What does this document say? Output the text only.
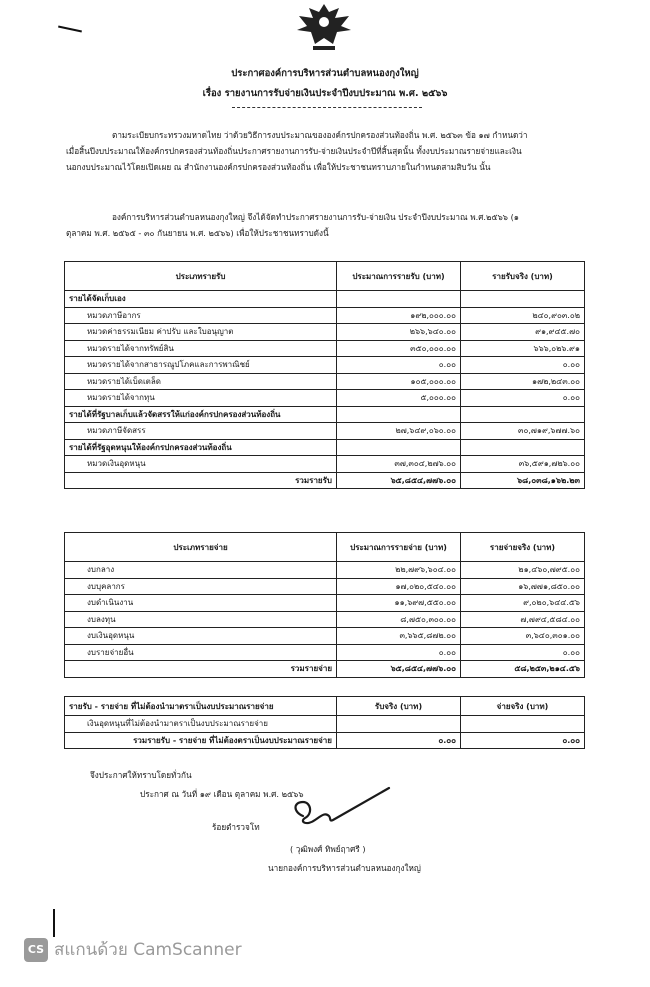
ประกาศองค์การบริหารส่วนตำบลหนองกุงใหญ่
เรื่อง รายงานการรับจ่ายเงินประจำปีงบประมาณ พ.ศ. ๒๕๖๖
ตามระเบียบกระทรวงมหาดไทย ว่าด้วยวิธีการงบประมาณขององค์กรปกครองส่วนท้องถิ่น พ.ศ. ๒๕๖๓ ข้อ ๑๗ กำหนดว่า
เมื่อสิ้นปีงบประมาณให้องค์กรปกครองส่วนท้องถิ่นประกาศรายงานการรับ-จ่ายเงินประจำปีที่สิ้นสุดนั้น ทั้งงบประมาณรายจ่ายและเงิน
นอกงบประมาณไว้โดยเปิดเผย ณ สำนักงานองค์กรปกครองส่วนท้องถิ่น เพื่อให้ประชาชนทราบภายในกำหนดสามสิบวัน นั้น
องค์การบริหารส่วนตำบลหนองกุงใหญ่ จึงได้จัดทำประกาศรายงานการรับ-จ่ายเงิน ประจำปีงบประมาณ พ.ศ.๒๕๖๖ (๑
ตุลาคม พ.ศ. ๒๕๖๕ - ๓๐ กันยายน พ.ศ. ๒๕๖๖) เพื่อให้ประชาชนทราบดังนี้
ประเภทรายรับ	ประมาณการรายรับ (บาท)	รายรับจริง (บาท)
รายได้จัดเก็บเอง		
หมวดภาษีอากร	๑๙๒,๐๐๐.๐๐	๒๔๐,๙๐๓.๐๒
หมวดค่าธรรมเนียม ค่าปรับ และใบอนุญาต	๒๖๖,๖๔๐.๐๐	๙๑,๙๔๕.๗๐
หมวดรายได้จากทรัพย์สิน	๓๕๐,๐๐๐.๐๐	๖๖๖,๐๒๖.๙๑
หมวดรายได้จากสาธารณูปโภคและการพาณิชย์	๐.๐๐	๐.๐๐
หมวดรายได้เบ็ดเตล็ด	๑๐๕,๐๐๐.๐๐	๑๗๒,๒๔๓.๐๐
หมวดรายได้จากทุน	๕,๐๐๐.๐๐	๐.๐๐
รายได้ที่รัฐบาลเก็บแล้วจัดสรรให้แก่องค์กรปกครองส่วนท้องถิ่น		
หมวดภาษีจัดสรร	๒๗,๖๔๙,๐๖๐.๐๐	๓๐,๗๑๙,๖๗๗.๖๐
รายได้ที่รัฐอุดหนุนให้องค์กรปกครองส่วนท้องถิ่น		
หมวดเงินอุดหนุน	๓๗,๓๐๔,๒๗๖.๐๐	๓๖,๕๙๑,๗๒๖.๐๐
รวมรายรับ	๖๕,๘๕๔,๗๗๖.๐๐	๖๘,๐๓๘,๑๖๒.๒๓
ประเภทรายจ่าย	ประมาณการรายจ่าย (บาท)	รายจ่ายจริง (บาท)
งบกลาง	๒๒,๗๙๖,๖๐๔.๐๐	๒๑,๔๖๐,๗๙๕.๐๐
งบบุคลากร	๑๗,๐๒๐,๕๔๐.๐๐	๑๖,๗๗๑,๘๕๐.๐๐
งบดำเนินงาน	๑๑,๖๙๗,๕๕๐.๐๐	๙,๐๒๐,๖๔๔.๕๖
งบลงทุน	๘,๗๕๐,๓๐๐.๐๐	๗,๗๙๔,๕๘๔.๐๐
งบเงินอุดหนุน	๓,๖๖๕,๘๗๒.๐๐	๓,๖๔๐,๓๐๑.๐๐
งบรายจ่ายอื่น	๐.๐๐	๐.๐๐
รวมรายจ่าย	๖๕,๘๕๔,๗๗๖.๐๐	๕๘,๒๕๓,๒๑๔.๕๖
รายรับ - รายจ่าย ที่ไม่ต้องนำมาตราเป็นงบประมาณรายจ่าย	รับจริง (บาท)	จ่ายจริง (บาท)
เงินอุดหนุนที่ไม่ต้องนำมาตราเป็นงบประมาณรายจ่าย		
รวมรายรับ - รายจ่าย ที่ไม่ต้องตราเป็นงบประมาณรายจ่าย	๐.๐๐	๐.๐๐
จึงประกาศให้ทราบโดยทั่วกัน
ประกาศ ณ วันที่ ๑๙ เดือน ตุลาคม พ.ศ. ๒๕๖๖
ร้อยตำรวจโท
( วุฒิพงศ์ ทิพย์ฤาศรี )
นายกองค์การบริหารส่วนตำบลหนองกุงใหญ่
CS สแกนด้วย CamScanner
